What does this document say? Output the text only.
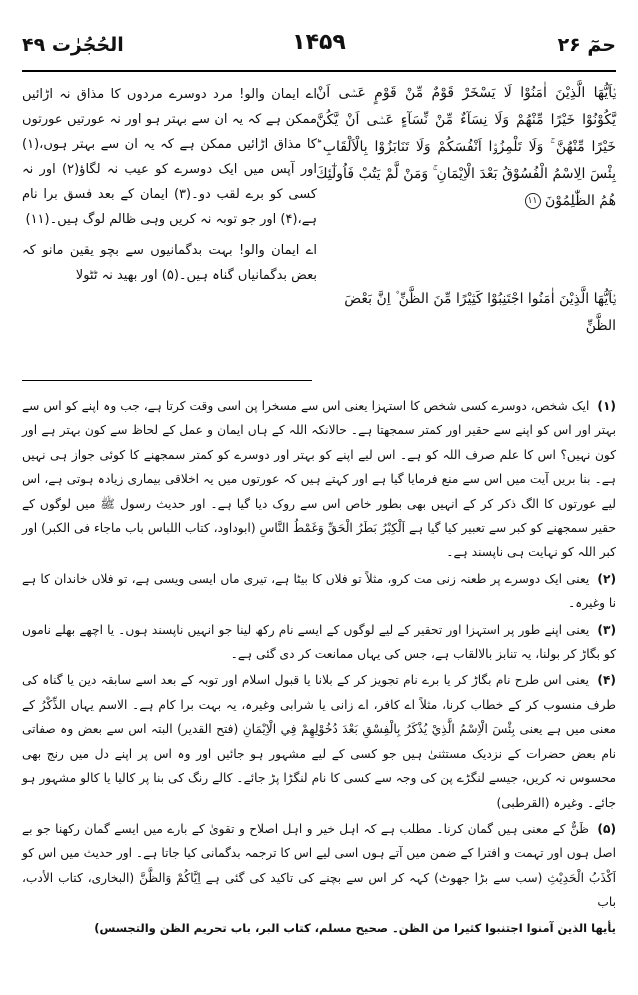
حمٓ ۲۶
۱۴۵۹
الحُجُرٰت ۴۹
يٰۤاَيُّهَا الَّذِيْنَ اٰمَنُوْا لَا يَسْخَرْ قَوْمٌ مِّنْ قَوْمٍ عَسٰۤى اَنْ يَّكُوْنُوْا خَيْرًا مِّنْهُمْ وَلَا نِسَآءٌ مِّنْ نِّسَآءٍ عَسٰۤى اَنْ يَّكُنَّ خَيْرًا مِّنْهُنَّ ۚ وَلَا تَلْمِزُوْۤا اَنْفُسَكُمْ وَلَا تَنَابَزُوْا بِالْاَلْقَابِ ؕ بِئْسَ الِاسْمُ الْفُسُوْقُ بَعْدَ الْاِيْمَانِ ۚ وَمَنْ لَّمْ يَتُبْ فَاُولٰٓئِكَ هُمُ الظّٰلِمُوْنَ ۱۱
يٰۤاَيُّهَا الَّذِيْنَ اٰمَنُوا اجْتَنِبُوْا كَثِيْرًا مِّنَ الظَّنِّ ۫ اِنَّ بَعْضَ الظَّنِّ

اے ایمان والو! مرد دوسرے مردوں کا مذاق نہ اڑائیں ممکن ہے کہ یہ ان سے بہتر ہو اور نہ عورتیں عورتوں کا مذاق اڑائیں ممکن ہے کہ یہ ان سے بہتر ہوں،(۱) اور آپس میں ایک دوسرے کو عیب نہ لگاؤ(۲) اور نہ کسی کو برے لقب دو۔(۳) ایمان کے بعد فسق برا نام ہے،(۴) اور جو توبہ نہ کریں وہی ظالم لوگ ہیں۔(۱۱)

اے ایمان والو! بہت بدگمانیوں سے بچو یقین مانو کہ بعض بدگمانیاں گناہ ہیں۔(۵) اور بھید نہ ٹٹولا

(۱) ایک شخص، دوسرے کسی شخص کا استہزا یعنی اس سے مسخرا پن اسی وقت کرتا ہے، جب وہ اپنے کو اس سے بہتر اور اس کو اپنے سے حقیر اور کمتر سمجھتا ہے۔ حالانکہ اللہ کے ہاں ایمان و عمل کے لحاظ سے کون بہتر ہے اور کون نہیں؟ اس کا علم صرف اللہ کو ہے۔ اس لیے اپنے کو بہتر اور دوسرے کو کمتر سمجھنے کا کوئی جواز ہی نہیں ہے۔ بنا بریں آیت میں اس سے منع فرمایا گیا ہے اور کہتے ہیں کہ عورتوں میں یہ اخلاقی بیماری زیادہ ہوتی ہے، اس لیے عورتوں کا الگ ذکر کر کے انہیں بھی بطور خاص اس سے روک دیا گیا ہے۔ اور حدیث رسول ﷺ میں لوگوں کے حقیر سمجھنے کو کبر سے تعبیر کیا گیا ہے اَلْكِبْرُ بَطَرُ الْحَقِّ وَغَمْطُ النَّاسِ (ابوداود، کتاب اللباس باب ماجاء فی الکبر) اور کبر اللہ کو نہایت ہی ناپسند ہے۔

(۲) یعنی ایک دوسرے پر طعنہ زنی مت کرو، مثلاً تو فلاں کا بیٹا ہے، تیری ماں ایسی ویسی ہے، تو فلاں خاندان کا ہے نا وغیرہ۔

(۳) یعنی اپنے طور پر استہزا اور تحقیر کے لیے لوگوں کے ایسے نام رکھ لینا جو انہیں ناپسند ہوں۔ یا اچھے بھلے ناموں کو بگاڑ کر بولنا، یہ تنابز بالالقاب ہے، جس کی یہاں ممانعت کر دی گئی ہے۔

(۴) یعنی اس طرح نام بگاڑ کر یا برے نام تجویز کر کے بلانا یا قبول اسلام اور توبہ کے بعد اسے سابقہ دین یا گناہ کی طرف منسوب کر کے خطاب کرنا، مثلاً اے کافر، اے زانی یا شرابی وغیرہ، یہ بہت برا کام ہے۔ الاسم یہاں الذِّكْرُ کے معنی میں ہے یعنی بِئْسَ الْاِسْمُ الَّذِيْ يُذْكَرُ بِالْفِسْقِ بَعْدَ دُخُوْلِهِمْ فِي الْاِيْمَانِ (فتح القدیر) البتہ اس سے بعض وہ صفاتی نام بعض حضرات کے نزدیک مستثنیٰ ہیں جو کسی کے لیے مشہور ہو جائیں اور وہ اس پر اپنے دل میں رنج بھی محسوس نہ کریں، جیسے لنگڑے پن کی وجہ سے کسی کا نام لنگڑا پڑ جائے۔ کالے رنگ کی بنا پر کالیا یا کالو مشہور ہو جائے۔ وغیرہ (القرطبی)

(۵) ظَنٌّ کے معنی ہیں گمان کرنا۔ مطلب ہے کہ اہل خیر و اہل اصلاح و تقویٰ کے بارے میں ایسے گمان رکھنا جو بے اصل ہوں اور تہمت و افترا کے ضمن میں آتے ہوں اسی لیے اس کا ترجمہ بدگمانی کیا جاتا ہے۔ اور حدیث میں اس کو اَكْذَبُ الْحَدِيْثِ (سب سے بڑا جھوٹ) کہہ کر اس سے بچنے کی تاکید کی گئی ہے اِيَّاكُمْ وَالظَّنَّ (البخاری، کتاب الأدب، باب

يأيها الذين آمنوا اجتنبوا كثيرا من الظن۔ صحيح مسلم، كتاب البر، باب تحريم الظن والتجسس)
